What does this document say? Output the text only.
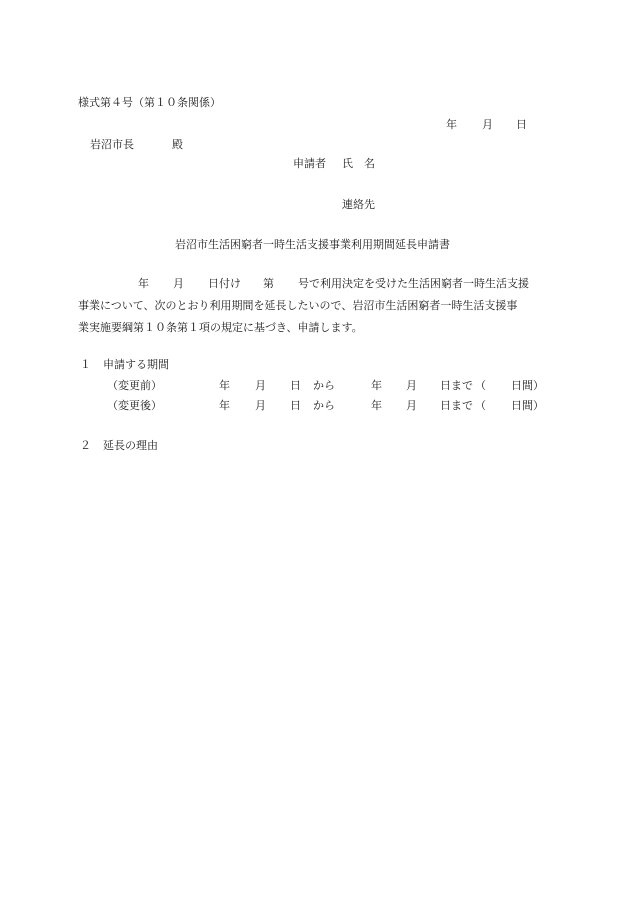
様式第４号（第１０条関係）
年 月 日
岩沼市長	殿
申請者 氏　名
連絡先
岩沼市生活困窮者一時生活支援事業利用期間延長申請書
年 月 日付け 第 号で利用決定を受けた生活困窮者一時生活支援
事業について、次のとおり利用期間を延長したいので、岩沼市生活困窮者一時生活支援事
業実施要綱第１０条第１項の規定に基づき、申請します。
１ 申請する期間
（変更前）	年 月 日 から	年 月 日まで （ 日間）
（変更後）	年 月 日 から	年 月 日まで （ 日間）
２ 延長の理由
